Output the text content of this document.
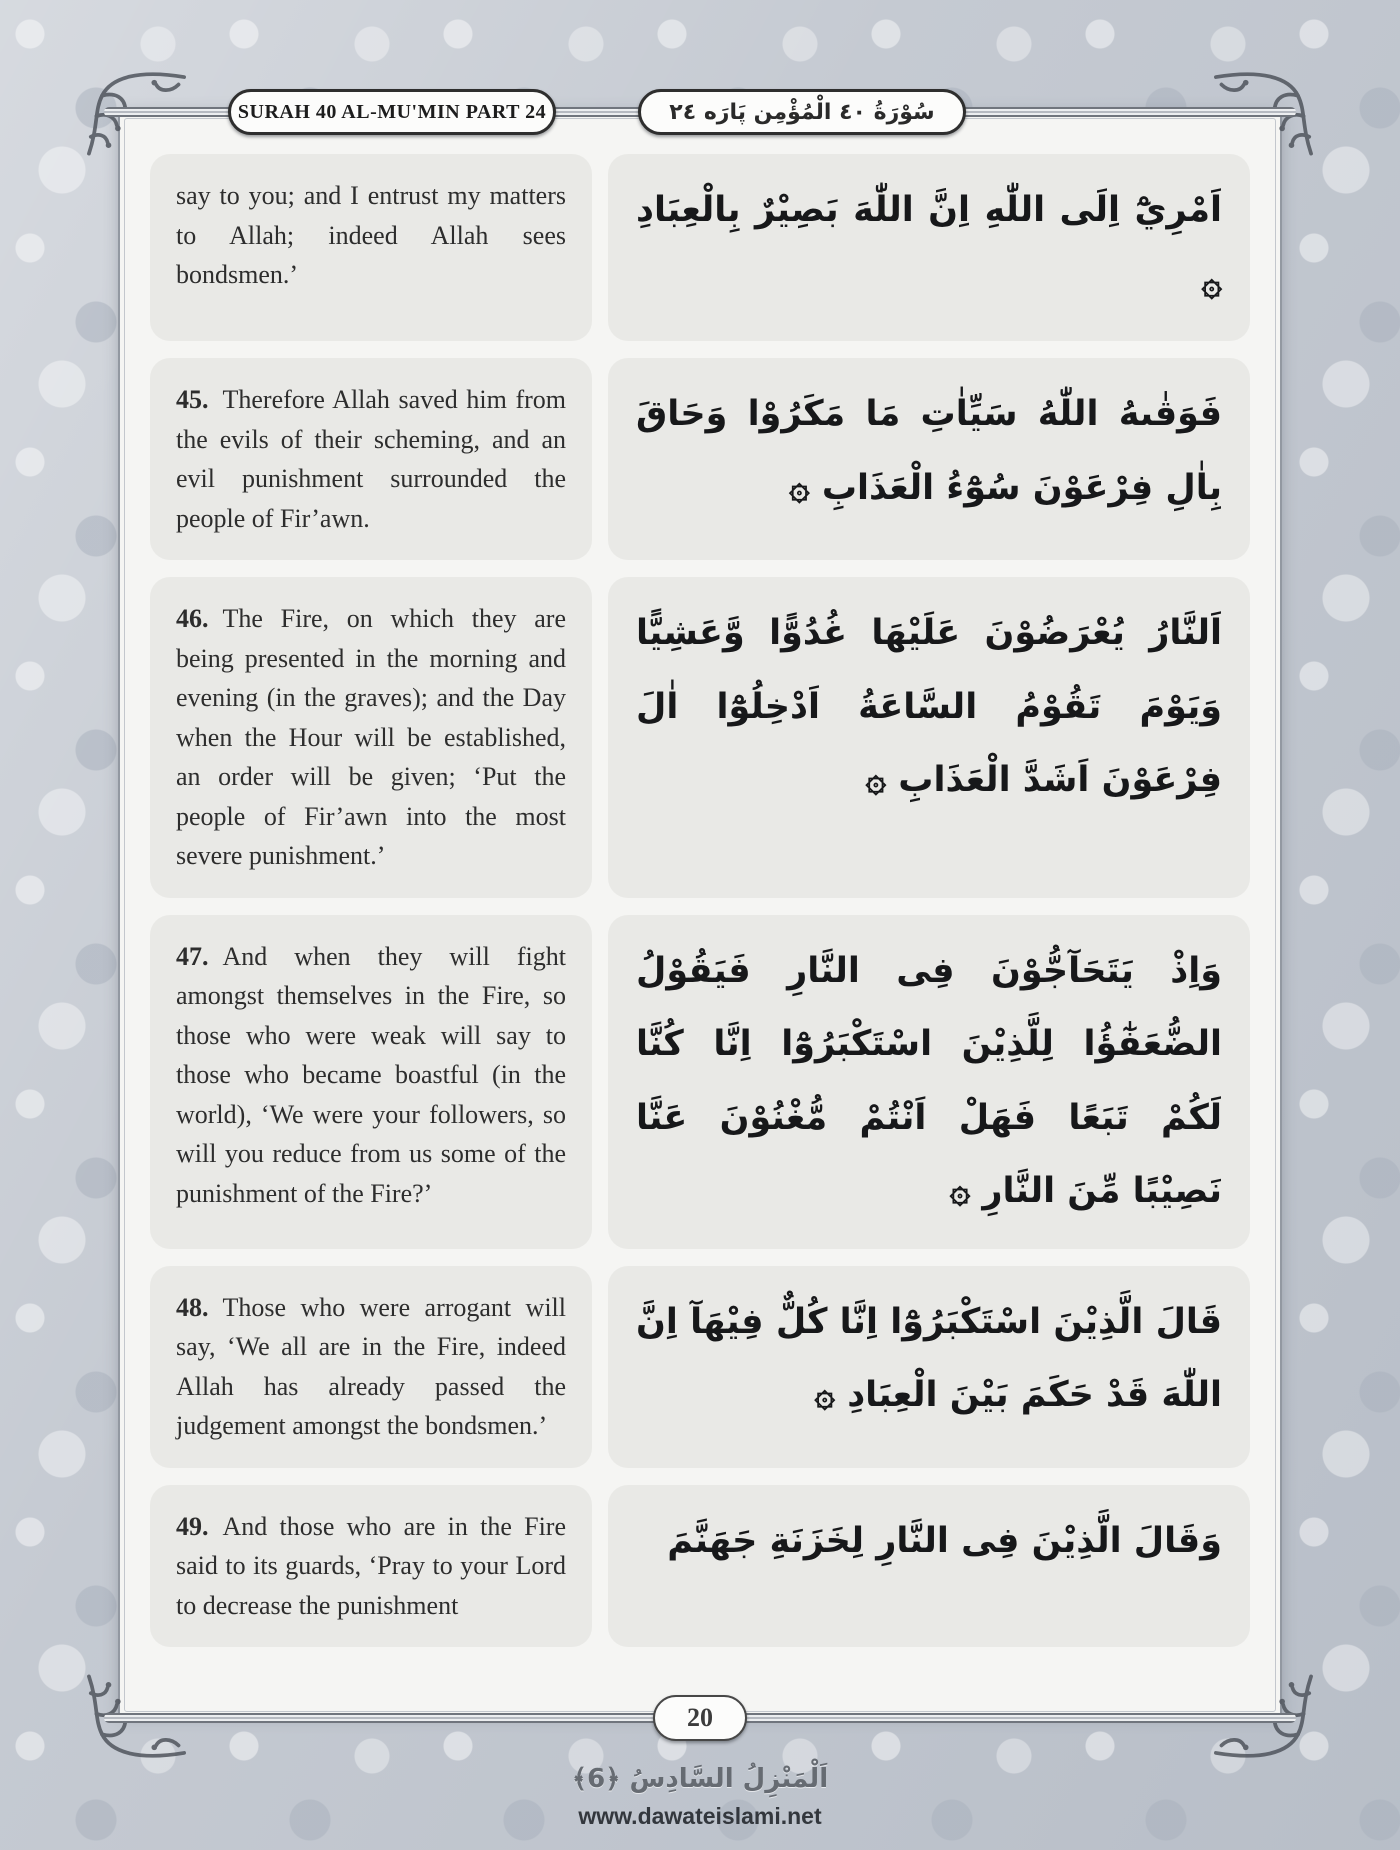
SURAH 40 AL-MU'MIN PART 24	سُوْرَةُ ٤٠ الْمُؤْمِن پَارَه ٢٤
say to you; and I entrust my matters to Allah; indeed Allah sees bondsmen.’
اَمْرِيْٓ اِلَى اللّٰهِ اِنَّ اللّٰهَ بَصِيْرٌ بِالْعِبَادِ ۞
45. Therefore Allah saved him from the evils of their scheming, and an evil punishment surrounded the people of Fir’awn.
فَوَقٰىهُ اللّٰهُ سَيِّاٰتِ مَا مَكَرُوْا وَحَاقَ بِاٰلِ فِرْعَوْنَ سُوْٓءُ الْعَذَابِ ۞
46. The Fire, on which they are being presented in the morning and evening (in the graves); and the Day when the Hour will be established, an order will be given; ‘Put the people of Fir’awn into the most severe punishment.’
اَلنَّارُ يُعْرَضُوْنَ عَلَيْهَا غُدُوًّا وَّعَشِيًّا وَيَوْمَ تَقُوْمُ السَّاعَةُ اَدْخِلُوْٓا اٰلَ فِرْعَوْنَ اَشَدَّ الْعَذَابِ ۞
47. And when they will fight amongst themselves in the Fire, so those who were weak will say to those who became boastful (in the world), ‘We were your followers, so will you reduce from us some of the punishment of the Fire?’
وَاِذْ يَتَحَآجُّوْنَ فِى النَّارِ فَيَقُوْلُ الضُّعَفٰٓؤُا لِلَّذِيْنَ اسْتَكْبَرُوْٓا اِنَّا كُنَّا لَكُمْ تَبَعًا فَهَلْ اَنْتُمْ مُّغْنُوْنَ عَنَّا نَصِيْبًا مِّنَ النَّارِ ۞
48. Those who were arrogant will say, ‘We all are in the Fire, indeed Allah has already passed the judgement amongst the bondsmen.’
قَالَ الَّذِيْنَ اسْتَكْبَرُوْٓا اِنَّا كُلٌّ فِيْهَآ اِنَّ اللّٰهَ قَدْ حَكَمَ بَيْنَ الْعِبَادِ ۞
49. And those who are in the Fire said to its guards, ‘Pray to your Lord to decrease the punishment
وَقَالَ الَّذِيْنَ فِى النَّارِ لِخَزَنَةِ جَهَنَّمَ
20
اَلْمَنْزِلُ السَّادِسُ ﴿6﴾
www.dawateislami.net
